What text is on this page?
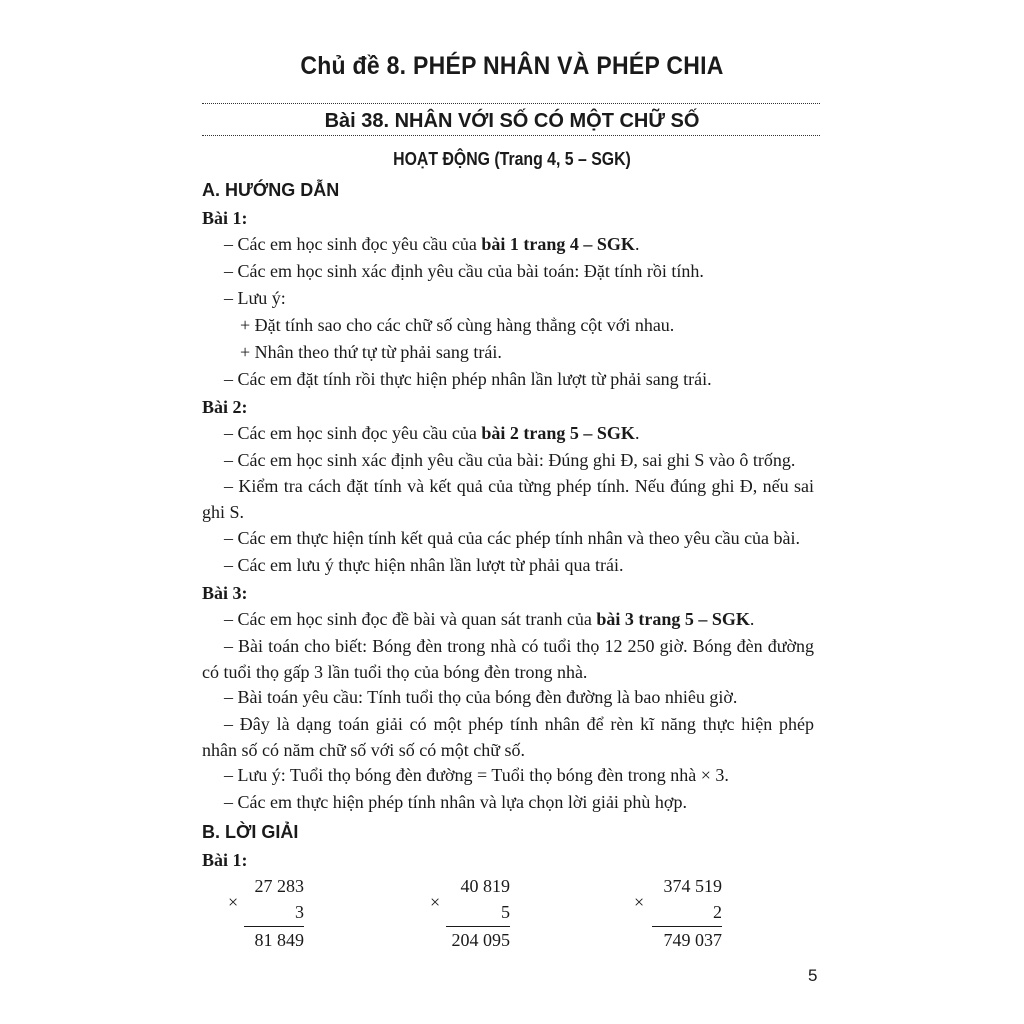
Chủ đề 8. PHÉP NHÂN VÀ PHÉP CHIA
Bài 38. NHÂN VỚI SỐ CÓ MỘT CHỮ SỐ
HOẠT ĐỘNG (Trang 4, 5 – SGK)
A. HƯỚNG DẪN
Bài 1:
– Các em học sinh đọc yêu cầu của bài 1 trang 4 – SGK.
– Các em học sinh xác định yêu cầu của bài toán: Đặt tính rồi tính.
– Lưu ý:
+ Đặt tính sao cho các chữ số cùng hàng thẳng cột với nhau.
+ Nhân theo thứ tự từ phải sang trái.
– Các em đặt tính rồi thực hiện phép nhân lần lượt từ phải sang trái.
Bài 2:
– Các em học sinh đọc yêu cầu của bài 2 trang 5 – SGK.
– Các em học sinh xác định yêu cầu của bài: Đúng ghi Đ, sai ghi S vào ô trống.
– Kiểm tra cách đặt tính và kết quả của từng phép tính. Nếu đúng ghi Đ, nếu sai ghi S.
– Các em thực hiện tính kết quả của các phép tính nhân và theo yêu cầu của bài.
– Các em lưu ý thực hiện nhân lần lượt từ phải qua trái.
Bài 3:
– Các em học sinh đọc đề bài và quan sát tranh của bài 3 trang 5 – SGK.
– Bài toán cho biết: Bóng đèn trong nhà có tuổi thọ 12 250 giờ. Bóng đèn đường có tuổi thọ gấp 3 lần tuổi thọ của bóng đèn trong nhà.
– Bài toán yêu cầu: Tính tuổi thọ của bóng đèn đường là bao nhiêu giờ.
– Đây là dạng toán giải có một phép tính nhân để rèn kĩ năng thực hiện phép nhân số có năm chữ số với số có một chữ số.
– Lưu ý: Tuổi thọ bóng đèn đường = Tuổi thọ bóng đèn trong nhà × 3.
– Các em thực hiện phép tính nhân và lựa chọn lời giải phù hợp.
B. LỜI GIẢI
Bài 1:
×
27 283
3
81 849
×
40 819
5
204 095
×
374 519
2
749 037
5
